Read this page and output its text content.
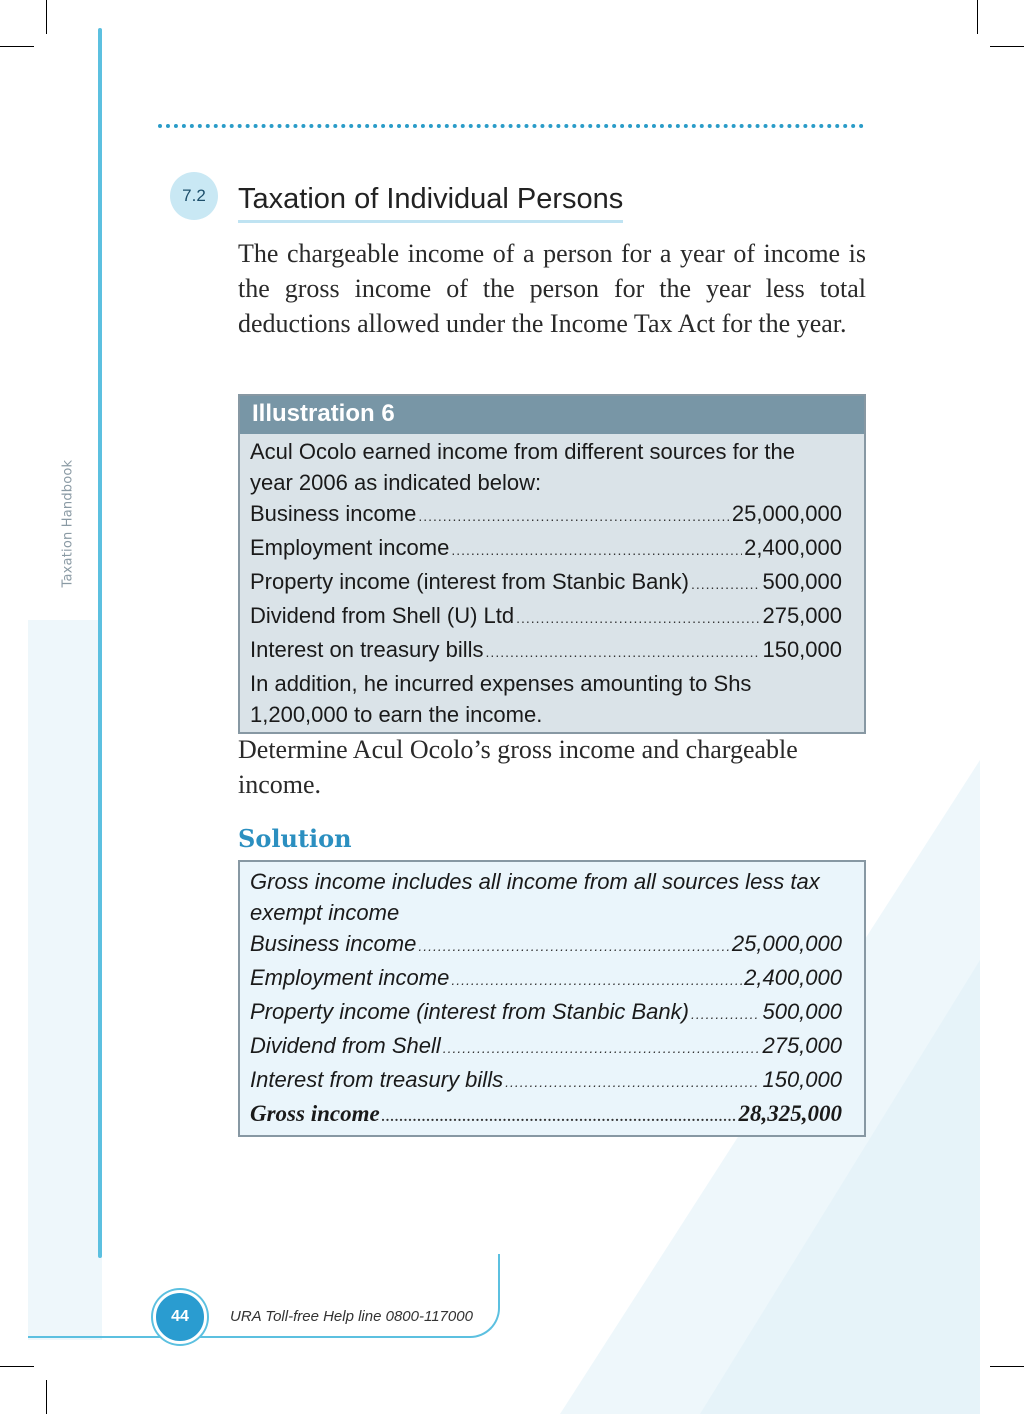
Taxation Handbook
7.2	Taxation of Individual Persons
The chargeable income of a person for a year of income is the gross income of the person for the year less total deductions allowed under the Income Tax Act for the year.
Illustration 6
Acul Ocolo earned income from different sources for the
year 2006 as indicated below:
Business income .....	25,000,000
Employment income .....	2,400,000
Property income (interest from Stanbic Bank) .....	500,000
Dividend from Shell (U) Ltd .....	275,000
Interest on treasury bills .....	150,000
In addition, he incurred expenses amounting to Shs
1,200,000 to earn the income.
Determine Acul Ocolo’s gross income and chargeable income.
Solution
Gross income includes all income from all sources less tax
exempt income
Business income .....	25,000,000
Employment income .....	2,400,000
Property income (interest from Stanbic Bank) .....	500,000
Dividend from Shell .....	275,000
Interest from treasury bills .....	150,000
Gross income .....	28,325,000
44	URA Toll-free Help line 0800-117000
